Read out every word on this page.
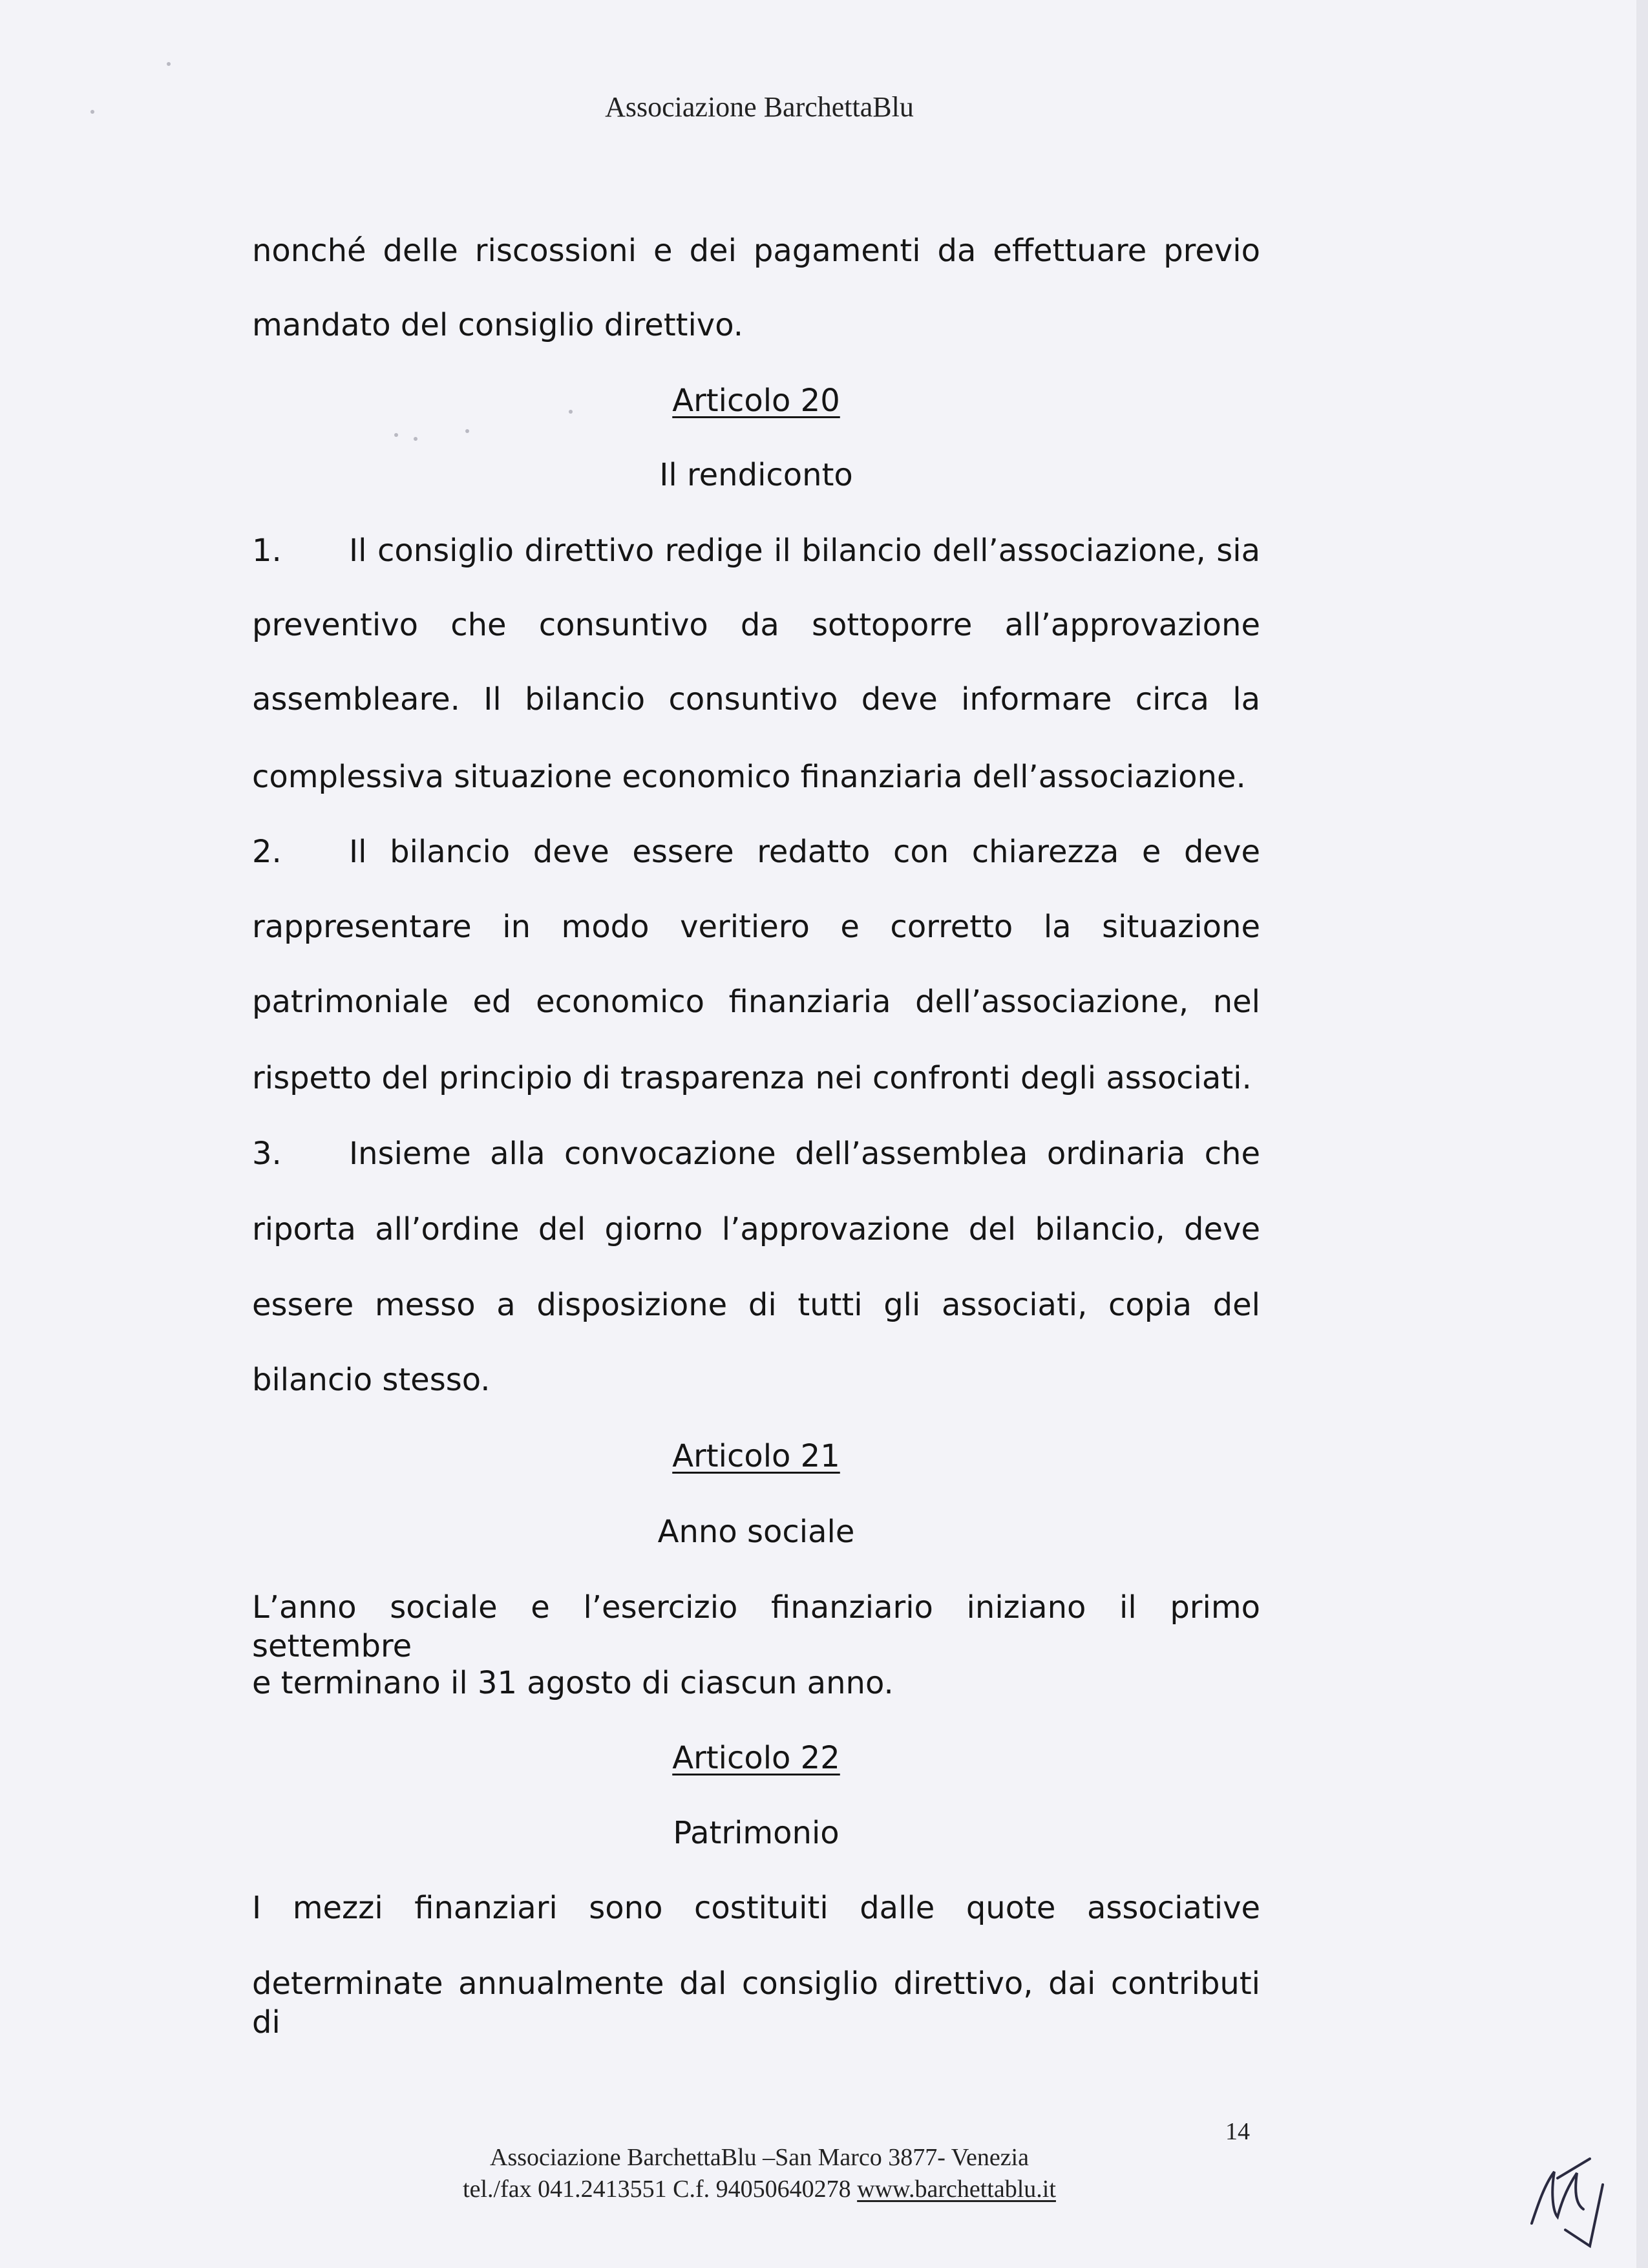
Associazione BarchettaBlu
nonché delle riscossioni e dei pagamenti da effettuare previo
mandato del consiglio direttivo.
Articolo 20
Il rendiconto
1. Il consiglio direttivo redige il bilancio dell’associazione, sia
preventivo che consuntivo da sottoporre all’approvazione
assembleare. Il bilancio consuntivo deve informare circa la
complessiva situazione economico finanziaria dell’associazione.
2. Il bilancio deve essere redatto con chiarezza e deve
rappresentare in modo veritiero e corretto la situazione
patrimoniale ed economico finanziaria dell’associazione, nel
rispetto del principio di trasparenza nei confronti degli associati.
3. Insieme alla convocazione dell’assemblea ordinaria che
riporta all’ordine del giorno l’approvazione del bilancio, deve
essere messo a disposizione di tutti gli associati, copia del
bilancio stesso.
Articolo 21
Anno sociale
L’anno sociale e l’esercizio finanziario iniziano il primo settembre
e terminano il 31 agosto di ciascun anno.
Articolo 22
Patrimonio
I mezzi finanziari sono costituiti dalle quote associative
determinate annualmente dal consiglio direttivo, dai contributi di
14
Associazione BarchettaBlu –San Marco 3877- Venezia
tel./fax 041.2413551 C.f. 94050640278 www.barchettablu.it
